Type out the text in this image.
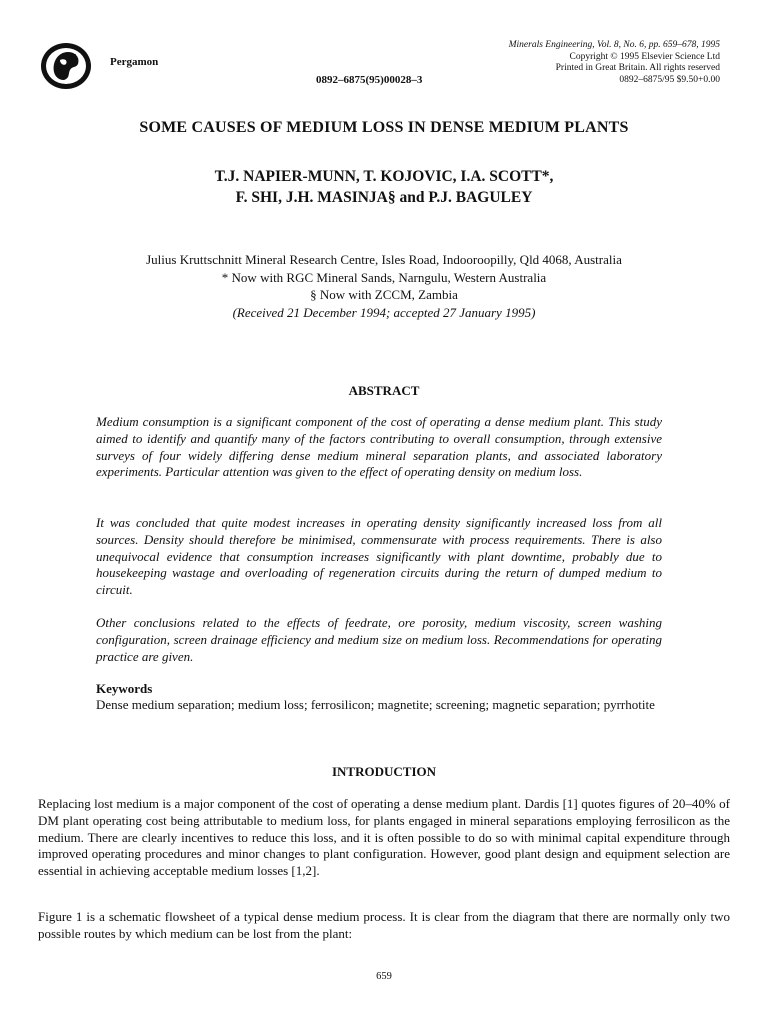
Pergamon
0892–6875(95)00028–3
Minerals Engineering, Vol. 8, No. 6, pp. 659–678, 1995
Copyright © 1995 Elsevier Science Ltd
Printed in Great Britain. All rights reserved
0892–6875/95 $9.50+0.00
SOME CAUSES OF MEDIUM LOSS IN DENSE MEDIUM PLANTS
T.J. NAPIER-MUNN, T. KOJOVIC, I.A. SCOTT*,
F. SHI, J.H. MASINJA§ and P.J. BAGULEY
Julius Kruttschnitt Mineral Research Centre, Isles Road, Indooroopilly, Qld 4068, Australia
* Now with RGC Mineral Sands, Narngulu, Western Australia
§ Now with ZCCM, Zambia
(Received 21 December 1994; accepted 27 January 1995)
ABSTRACT
Medium consumption is a significant component of the cost of operating a dense medium plant. This study aimed to identify and quantify many of the factors contributing to overall consumption, through extensive surveys of four widely differing dense medium mineral separation plants, and associated laboratory experiments. Particular attention was given to the effect of operating density on medium loss.
It was concluded that quite modest increases in operating density significantly increased loss from all sources. Density should therefore be minimised, commensurate with process requirements. There is also unequivocal evidence that consumption increases significantly with plant downtime, probably due to housekeeping wastage and overloading of regeneration circuits during the return of dumped medium to circuit.
Other conclusions related to the effects of feedrate, ore porosity, medium viscosity, screen washing configuration, screen drainage efficiency and medium size on medium loss. Recommendations for operating practice are given.
Keywords
Dense medium separation; medium loss; ferrosilicon; magnetite; screening; magnetic separation; pyrrhotite
INTRODUCTION
Replacing lost medium is a major component of the cost of operating a dense medium plant. Dardis [1] quotes figures of 20–40% of DM plant operating cost being attributable to medium loss, for plants engaged in mineral separations employing ferrosilicon as the medium. There are clearly incentives to reduce this loss, and it is often possible to do so with minimal capital expenditure through improved operating procedures and minor changes to plant configuration. However, good plant design and equipment selection are essential in achieving acceptable medium losses [1,2].
Figure 1 is a schematic flowsheet of a typical dense medium process. It is clear from the diagram that there are normally only two possible routes by which medium can be lost from the plant:
659
